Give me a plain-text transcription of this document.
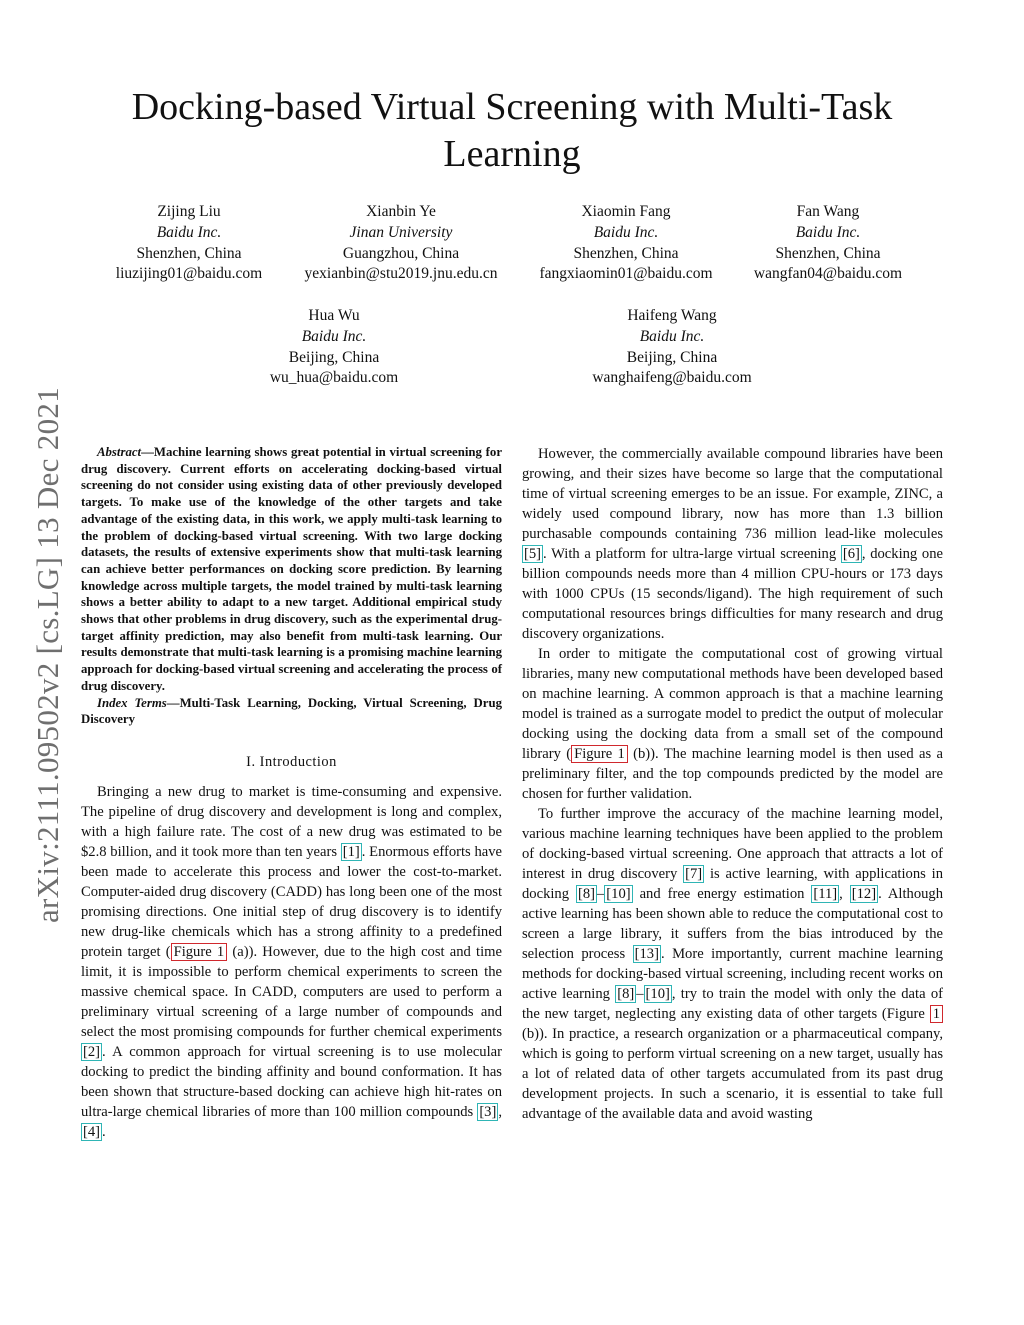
arXiv:2111.09502v2 [cs.LG] 13 Dec 2021
Docking-based Virtual Screening with Multi-Task Learning
Zijing Liu
Baidu Inc.
Shenzhen, China
liuzijing01@baidu.com
Xianbin Ye
Jinan University
Guangzhou, China
yexianbin@stu2019.jnu.edu.cn
Xiaomin Fang
Baidu Inc.
Shenzhen, China
fangxiaomin01@baidu.com
Fan Wang
Baidu Inc.
Shenzhen, China
wangfan04@baidu.com
Hua Wu
Baidu Inc.
Beijing, China
wu_hua@baidu.com
Haifeng Wang
Baidu Inc.
Beijing, China
wanghaifeng@baidu.com

Abstract—Machine learning shows great potential in virtual screening for drug discovery. Current efforts on accelerating docking-based virtual screening do not consider using existing data of other previously developed targets. To make use of the knowledge of the other targets and take advantage of the existing data, in this work, we apply multi-task learning to the problem of docking-based virtual screening. With two large docking datasets, the results of extensive experiments show that multi-task learning can achieve better performances on docking score prediction. By learning knowledge across multiple targets, the model trained by multi-task learning shows a better ability to adapt to a new target. Additional empirical study shows that other problems in drug discovery, such as the experimental drug-target affinity prediction, may also benefit from multi-task learning. Our results demonstrate that multi-task learning is a promising machine learning approach for docking-based virtual screening and accelerating the process of drug discovery.

Index Terms—Multi-Task Learning, Docking, Virtual Screening, Drug Discovery

I. Introduction

Bringing a new drug to market is time-consuming and expensive. The pipeline of drug discovery and development is long and complex, with a high failure rate. The cost of a new drug was estimated to be $2.8 billion, and it took more than ten years [1] . Enormous efforts have been made to accelerate this process and lower the cost-to-market. Computer-aided drug discovery (CADD) has long been one of the most promising directions. One initial step of drug discovery is to identify new drug-like chemicals which has a strong affinity to a predefined protein target ( Figure 1 (a)). However, due to the high cost and time limit, it is impossible to perform chemical experiments to screen the massive chemical space. In CADD, computers are used to perform a preliminary virtual screening of a large number of compounds and select the most promising compounds for further chemical experiments [2] . A common approach for virtual screening is to use molecular docking to predict the binding affinity and bound conformation. It has been shown that structure-based docking can achieve high hit-rates on ultra-large chemical libraries of more than 100 million compounds [3] , [4] .

However, the commercially available compound libraries have been growing, and their sizes have become so large that the computational time of virtual screening emerges to be an issue. For example, ZINC, a widely used compound library, now has more than 1.3 billion purchasable compounds containing 736 million lead-like molecules [5] . With a platform for ultra-large virtual screening [6] , docking one billion compounds needs more than 4 million CPU-hours or 173 days with 1000 CPUs (15 seconds/ligand). The high requirement of such computational resources brings difficulties for many research and drug discovery organizations.

In order to mitigate the computational cost of growing virtual libraries, many new computational methods have been developed based on machine learning. A common approach is that a machine learning model is trained as a surrogate model to predict the output of molecular docking using the docking data from a small set of the compound library ( Figure 1 (b)). The machine learning model is then used as a preliminary filter, and the top compounds predicted by the model are chosen for further validation.

To further improve the accuracy of the machine learning model, various machine learning techniques have been applied to the problem of docking-based virtual screening. One approach that attracts a lot of interest in drug discovery [7] is active learning, with applications in docking [8] – [10] and free energy estimation [11] , [12] . Although active learning has been shown able to reduce the computational cost to screen a large library, it suffers from the bias introduced by the selection process [13] . More importantly, current machine learning methods for docking-based virtual screening, including recent works on active learning [8] – [10] , try to train the model with only the data of the new target, neglecting any existing data of other targets (Figure 1 (b)). In practice, a research organization or a pharmaceutical company, which is going to perform virtual screening on a new target, usually has a lot of related data of other targets accumulated from its past drug development projects. In such a scenario, it is essential to take full advantage of the available data and avoid wasting
